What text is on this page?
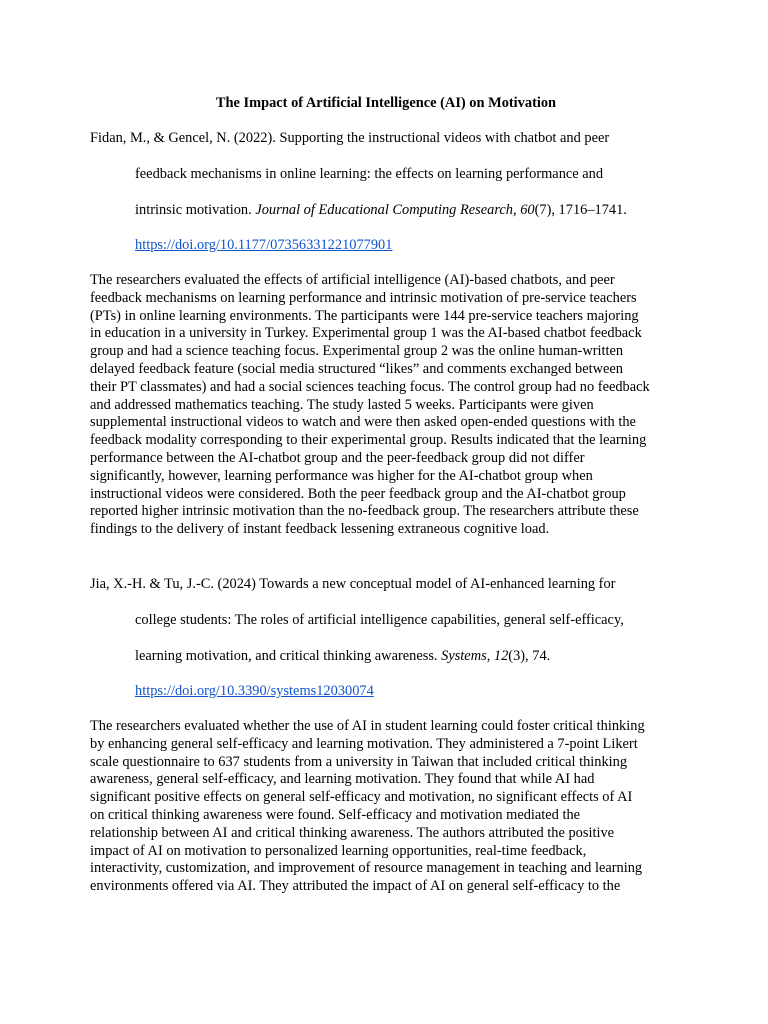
The Impact of Artificial Intelligence (AI) on Motivation
Fidan, M., & Gencel, N. (2022). Supporting the instructional videos with chatbot and peer
feedback mechanisms in online learning: the effects on learning performance and
intrinsic motivation. Journal of Educational Computing Research, 60(7), 1716–1741.
https://doi.org/10.1177/07356331221077901
The researchers evaluated the effects of artificial intelligence (AI)-based chatbots, and peer
feedback mechanisms on learning performance and intrinsic motivation of pre-service teachers
(PTs) in online learning environments. The participants were 144 pre-service teachers majoring
in education in a university in Turkey. Experimental group 1 was the AI-based chatbot feedback
group and had a science teaching focus. Experimental group 2 was the online human-written
delayed feedback feature (social media structured “likes” and comments exchanged between
their PT classmates) and had a social sciences teaching focus. The control group had no feedback
and addressed mathematics teaching. The study lasted 5 weeks. Participants were given
supplemental instructional videos to watch and were then asked open-ended questions with the
feedback modality corresponding to their experimental group. Results indicated that the learning
performance between the AI-chatbot group and the peer-feedback group did not differ
significantly, however, learning performance was higher for the AI-chatbot group when
instructional videos were considered. Both the peer feedback group and the AI-chatbot group
reported higher intrinsic motivation than the no-feedback group. The researchers attribute these
findings to the delivery of instant feedback lessening extraneous cognitive load.
Jia, X.-H. & Tu, J.-C. (2024) Towards a new conceptual model of AI-enhanced learning for
college students: The roles of artificial intelligence capabilities, general self-efficacy,
learning motivation, and critical thinking awareness. Systems, 12(3), 74.
https://doi.org/10.3390/systems12030074
The researchers evaluated whether the use of AI in student learning could foster critical thinking
by enhancing general self-efficacy and learning motivation. They administered a 7-point Likert
scale questionnaire to 637 students from a university in Taiwan that included critical thinking
awareness, general self-efficacy, and learning motivation. They found that while AI had
significant positive effects on general self-efficacy and motivation, no significant effects of AI
on critical thinking awareness were found. Self-efficacy and motivation mediated the
relationship between AI and critical thinking awareness. The authors attributed the positive
impact of AI on motivation to personalized learning opportunities, real-time feedback,
interactivity, customization, and improvement of resource management in teaching and learning
environments offered via AI. They attributed the impact of AI on general self-efficacy to the
